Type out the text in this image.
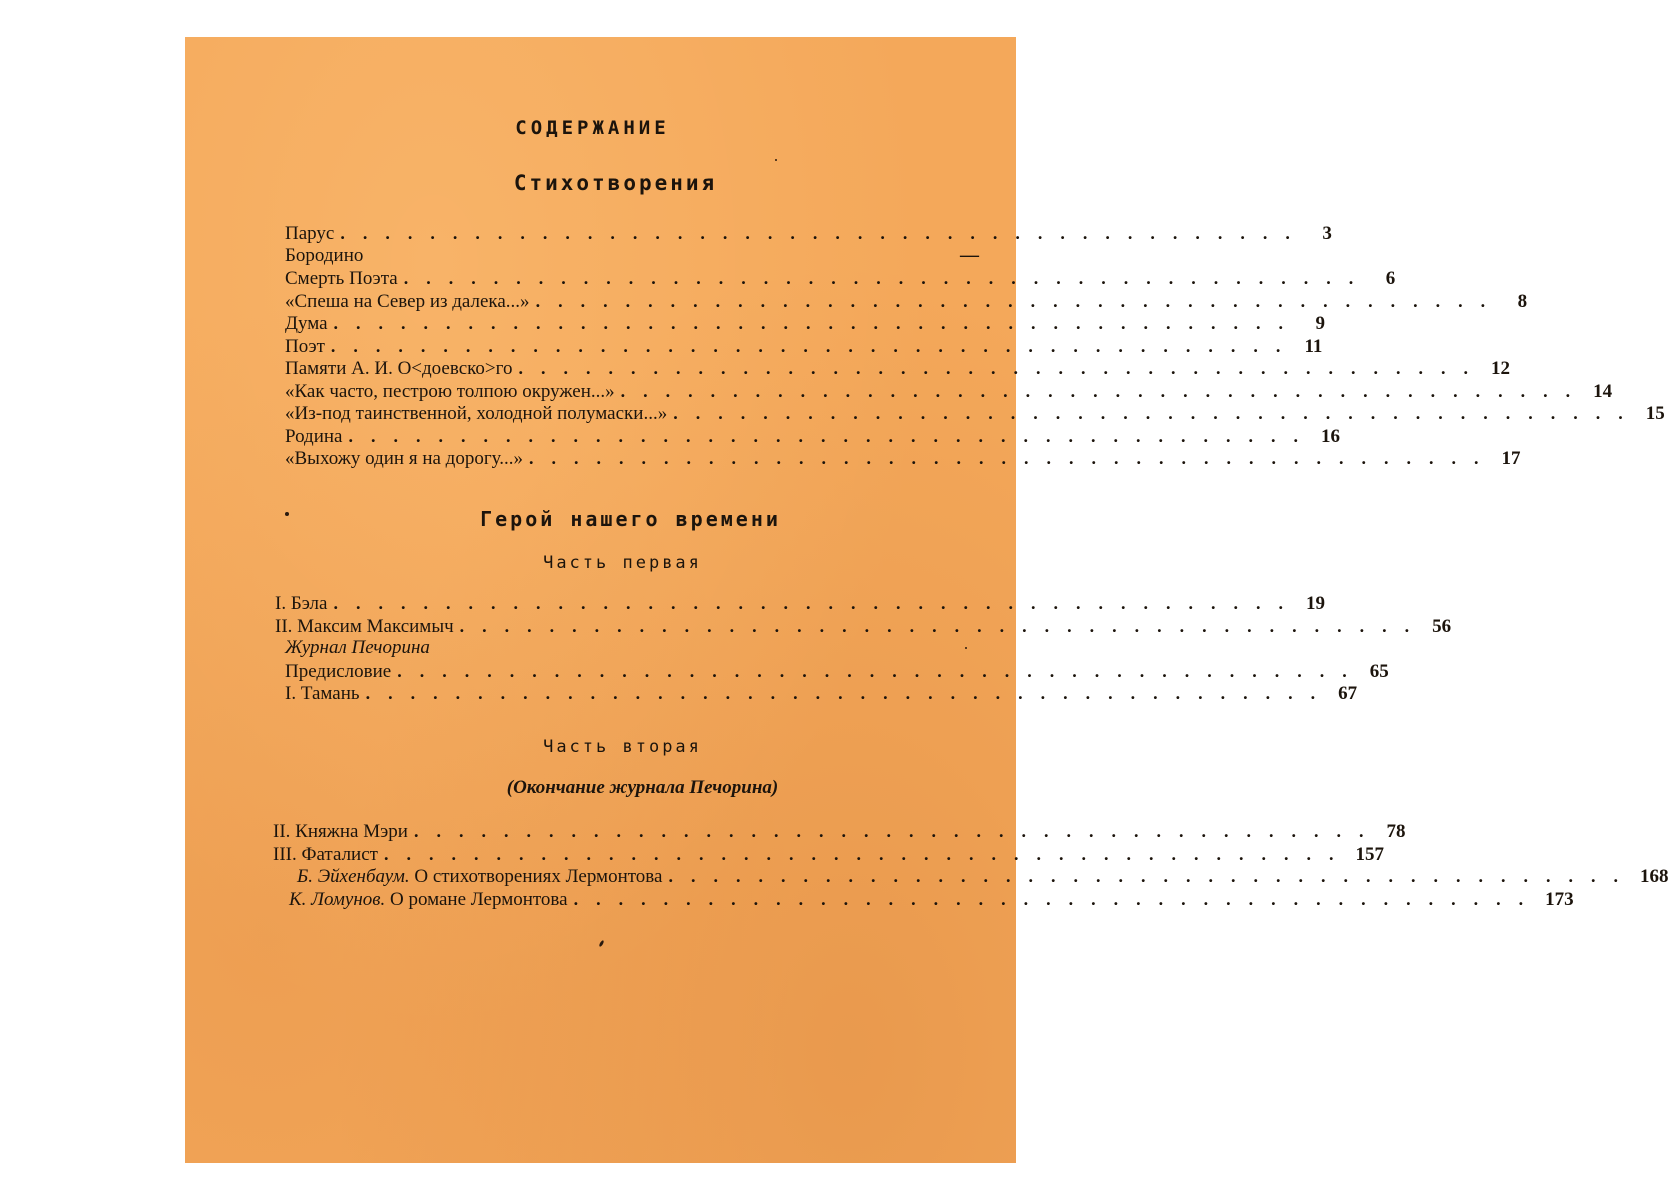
СОДЕРЖАНИЕ
Стихотворения
Парус ........................................... 3
Бородино	—
Смерть Поэта ........................................... 6
«Спеша на Север из далека...» ........................................... 8
Дума ........................................... 9
Поэт ........................................... 11
Памяти А. И. О<доевско>го ........................................... 12
«Как часто, пестрою толпою окружен...» ........................................... 14
«Из-под таинственной, холодной полумаски...» ........................................... 15
Родина ........................................... 16
«Выхожу один я на дорогу...» ........................................... 17
Герой нашего времени
Часть первая
I. Бэла ........................................... 19
II. Максим Максимыч ........................................... 56
Журнал Печорина
Предисловие ........................................... 65
I. Тамань ........................................... 67
Часть вторая
(Окончание журнала Печорина)
II. Княжна Мэри ........................................... 78
III. Фаталист ........................................... 157
Б. Эйхенбаум. О стихотворениях Лермонтова ........................................... 168
К. Ломунов. О романе Лермонтова ........................................... 173
